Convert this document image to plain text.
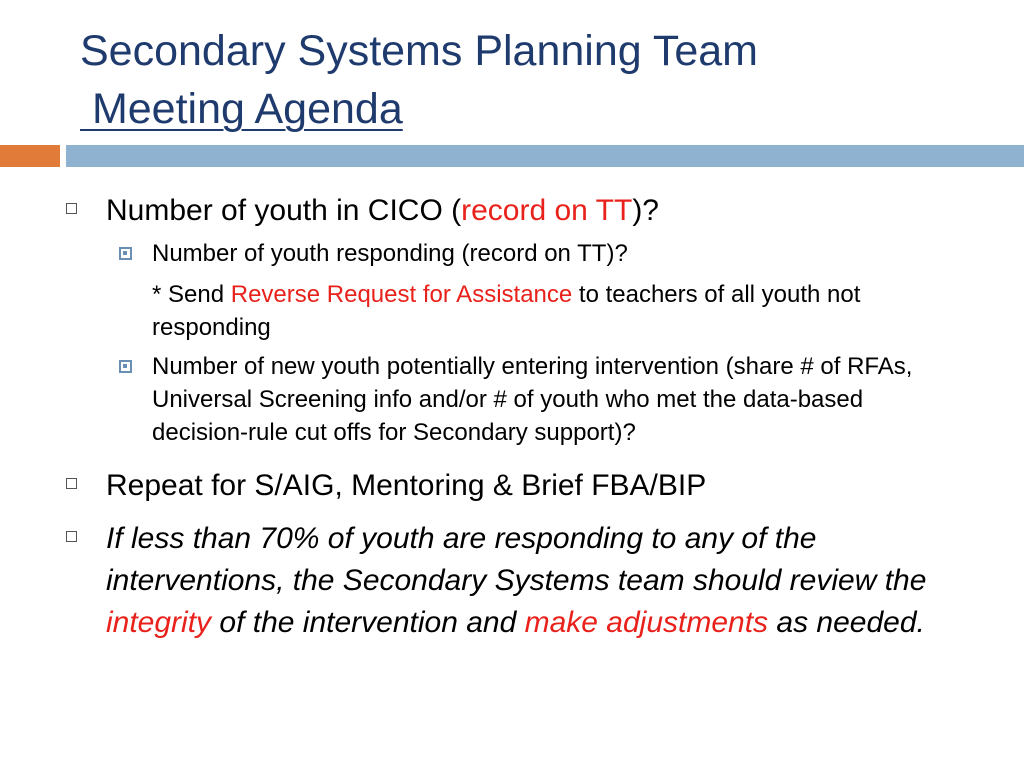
Secondary Systems Planning Team
Meeting Agenda
Number of youth in CICO (record on TT)?
Number of youth responding (record on TT)?
* Send Reverse Request for Assistance to teachers of all youth not responding
Number of new youth potentially entering intervention (share # of RFAs, Universal Screening info and/or # of youth who met the data-based decision-rule cut offs for Secondary support)?
Repeat for S/AIG, Mentoring & Brief FBA/BIP
If less than 70% of youth are responding to any of the interventions, the Secondary Systems team should review the integrity of the intervention and make adjustments as needed.
